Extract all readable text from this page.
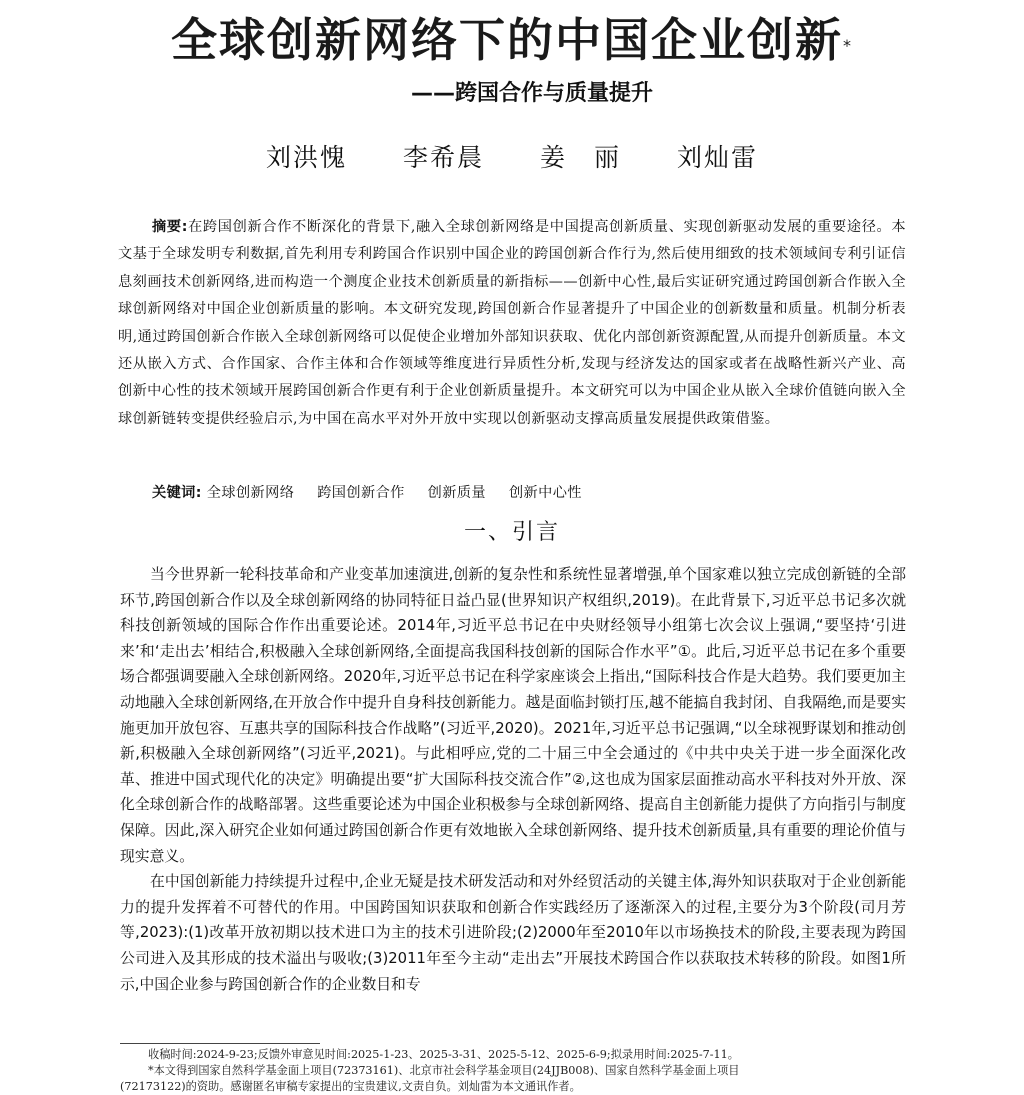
全球创新网络下的中国企业创新*
——跨国合作与质量提升
刘洪愧 李希晨 姜　丽 刘灿雷
摘要:在跨国创新合作不断深化的背景下,融入全球创新网络是中国提高创新质量、实现创新驱动发展的重要途径。本文基于全球发明专利数据,首先利用专利跨国合作识别中国企业的跨国创新合作行为,然后使用细致的技术领域间专利引证信息刻画技术创新网络,进而构造一个测度企业技术创新质量的新指标——创新中心性,最后实证研究通过跨国创新合作嵌入全球创新网络对中国企业创新质量的影响。本文研究发现,跨国创新合作显著提升了中国企业的创新数量和质量。机制分析表明,通过跨国创新合作嵌入全球创新网络可以促使企业增加外部知识获取、优化内部创新资源配置,从而提升创新质量。本文还从嵌入方式、合作国家、合作主体和合作领域等维度进行异质性分析,发现与经济发达的国家或者在战略性新兴产业、高创新中心性的技术领域开展跨国创新合作更有利于企业创新质量提升。本文研究可以为中国企业从嵌入全球价值链向嵌入全球创新链转变提供经验启示,为中国在高水平对外开放中实现以创新驱动支撑高质量发展提供政策借鉴。
关键词: 全球创新网络 跨国创新合作 创新质量 创新中心性
一、引言

当今世界新一轮科技革命和产业变革加速演进,创新的复杂性和系统性显著增强,单个国家难以独立完成创新链的全部环节,跨国创新合作以及全球创新网络的协同特征日益凸显(世界知识产权组织,2019)。在此背景下,习近平总书记多次就科技创新领域的国际合作作出重要论述。2014年,习近平总书记在中央财经领导小组第七次会议上强调,“要坚持‘引进来’和‘走出去’相结合,积极融入全球创新网络,全面提高我国科技创新的国际合作水平”①。此后,习近平总书记在多个重要场合都强调要融入全球创新网络。2020年,习近平总书记在科学家座谈会上指出,“国际科技合作是大趋势。我们要更加主动地融入全球创新网络,在开放合作中提升自身科技创新能力。越是面临封锁打压,越不能搞自我封闭、自我隔绝,而是要实施更加开放包容、互惠共享的国际科技合作战略”(习近平,2020)。2021年,习近平总书记强调,“以全球视野谋划和推动创新,积极融入全球创新网络”(习近平,2021)。与此相呼应,党的二十届三中全会通过的《中共中央关于进一步全面深化改革、推进中国式现代化的决定》明确提出要“扩大国际科技交流合作”②,这也成为国家层面推动高水平科技对外开放、深化全球创新合作的战略部署。这些重要论述为中国企业积极参与全球创新网络、提高自主创新能力提供了方向指引与制度保障。因此,深入研究企业如何通过跨国创新合作更有效地嵌入全球创新网络、提升技术创新质量,具有重要的理论价值与现实意义。

在中国创新能力持续提升过程中,企业无疑是技术研发活动和对外经贸活动的关键主体,海外知识获取对于企业创新能力的提升发挥着不可替代的作用。中国跨国知识获取和创新合作实践经历了逐渐深入的过程,主要分为3个阶段(司月芳等,2023):(1)改革开放初期以技术进口为主的技术引进阶段;(2)2000年至2010年以市场换技术的阶段,主要表现为跨国公司进入及其形成的技术溢出与吸收;(3)2011年至今主动“走出去”开展技术跨国合作以获取技术转移的阶段。如图1所示,中国企业参与跨国创新合作的企业数目和专

收稿时间:2024-9-23;反馈外审意见时间:2025-1-23、2025-3-31、2025-5-12、2025-6-9;拟录用时间:2025-7-11。
*本文得到国家自然科学基金面上项目(72373161)、北京市社会科学基金项目(24JJB008)、国家自然科学基金面上项目
(72173122)的资助。感谢匿名审稿专家提出的宝贵建议,文责自负。刘灿雷为本文通讯作者。
